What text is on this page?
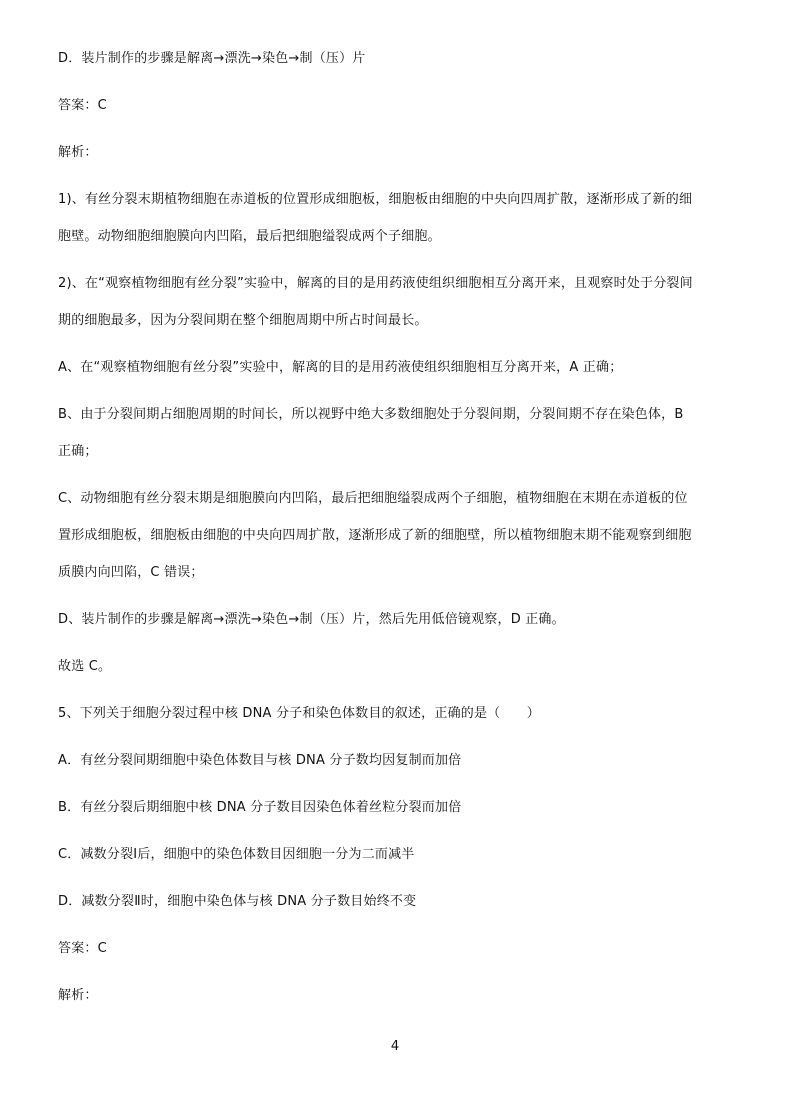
D．装片制作的步骤是解离→漂洗→染色→制（压）片
答案：C
解析：
1)、有丝分裂末期植物细胞在赤道板的位置形成细胞板，细胞板由细胞的中央向四周扩散，逐渐形成了新的细
胞壁。动物细胞细胞膜向内凹陷，最后把细胞缢裂成两个子细胞。
2)、在“观察植物细胞有丝分裂”实验中，解离的目的是用药液使组织细胞相互分离开来，且观察时处于分裂间
期的细胞最多，因为分裂间期在整个细胞周期中所占时间最长。
A、在“观察植物细胞有丝分裂”实验中，解离的目的是用药液使组织细胞相互分离开来，A 正确；
B、由于分裂间期占细胞周期的时间长，所以视野中绝大多数细胞处于分裂间期，分裂间期不存在染色体，B
正确；
C、动物细胞有丝分裂末期是细胞膜向内凹陷，最后把细胞缢裂成两个子细胞，植物细胞在末期在赤道板的位
置形成细胞板，细胞板由细胞的中央向四周扩散，逐渐形成了新的细胞壁，所以植物细胞末期不能观察到细胞
质膜内向凹陷，C 错误；
D、装片制作的步骤是解离→漂洗→染色→制（压）片，然后先用低倍镜观察，D 正确。
故选 C。
5、下列关于细胞分裂过程中核 DNA 分子和染色体数目的叙述，正确的是（　　）
A．有丝分裂间期细胞中染色体数目与核 DNA 分子数均因复制而加倍
B．有丝分裂后期细胞中核 DNA 分子数目因染色体着丝粒分裂而加倍
C．减数分裂Ⅰ后，细胞中的染色体数目因细胞一分为二而减半
D．减数分裂Ⅱ时，细胞中染色体与核 DNA 分子数目始终不变
答案：C
解析：
4
